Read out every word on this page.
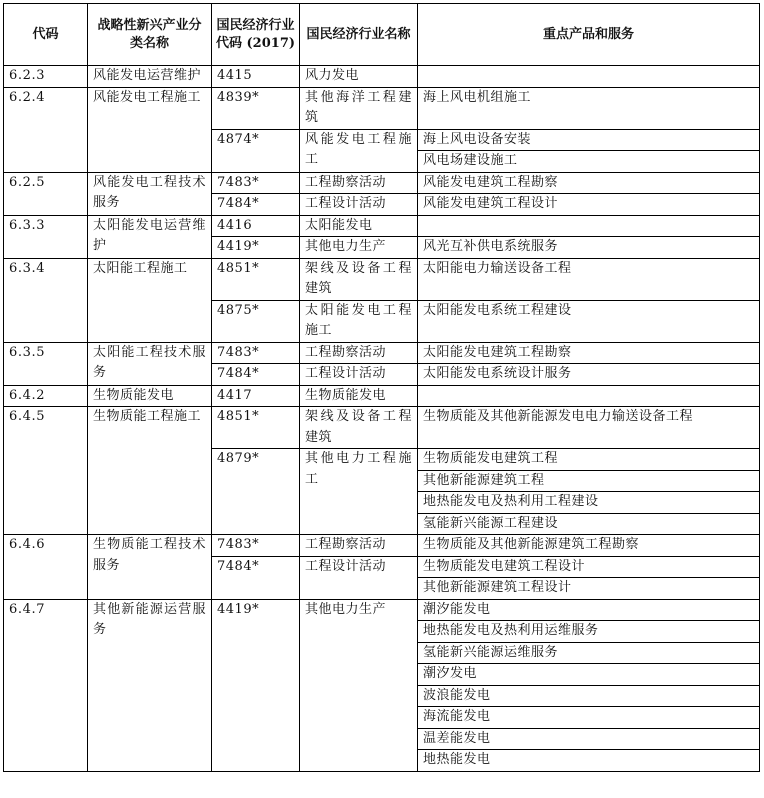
代码	战略性新兴产业分类名称	国民经济行业代码 (2017)	国民经济行业名称	重点产品和服务
6.2.3	风能发电运营维护	4415	风力发电	
6.2.4	风能发电工程施工	4839*	其他海洋工程建筑	海上风电机组施工
		4874*	风能发电工程施工	海上风电设备安装
				风电场建设施工
6.2.5	风能发电工程技术服务	7483*	工程勘察活动	风能发电建筑工程勘察
		7484*	工程设计活动	风能发电建筑工程设计
6.3.3	太阳能发电运营维护	4416	太阳能发电	
		4419*	其他电力生产	风光互补供电系统服务
6.3.4	太阳能工程施工	4851*	架线及设备工程建筑	太阳能电力输送设备工程
		4875*	太阳能发电工程施工	太阳能发电系统工程建设
6.3.5	太阳能工程技术服务	7483*	工程勘察活动	太阳能发电建筑工程勘察
		7484*	工程设计活动	太阳能发电系统设计服务
6.4.2	生物质能发电	4417	生物质能发电	
6.4.5	生物质能工程施工	4851*	架线及设备工程建筑	生物质能及其他新能源发电电力输送设备工程
		4879*	其他电力工程施工	生物质能发电建筑工程
				其他新能源建筑工程
				地热能发电及热利用工程建设
				氢能新兴能源工程建设
6.4.6	生物质能工程技术服务	7483*	工程勘察活动	生物质能及其他新能源建筑工程勘察
		7484*	工程设计活动	生物质能发电建筑工程设计
				其他新能源建筑工程设计
6.4.7	其他新能源运营服务	4419*	其他电力生产	潮汐能发电
				地热能发电及热利用运维服务
				氢能新兴能源运维服务
				潮汐发电
				波浪能发电
				海流能发电
				温差能发电
				地热能发电
